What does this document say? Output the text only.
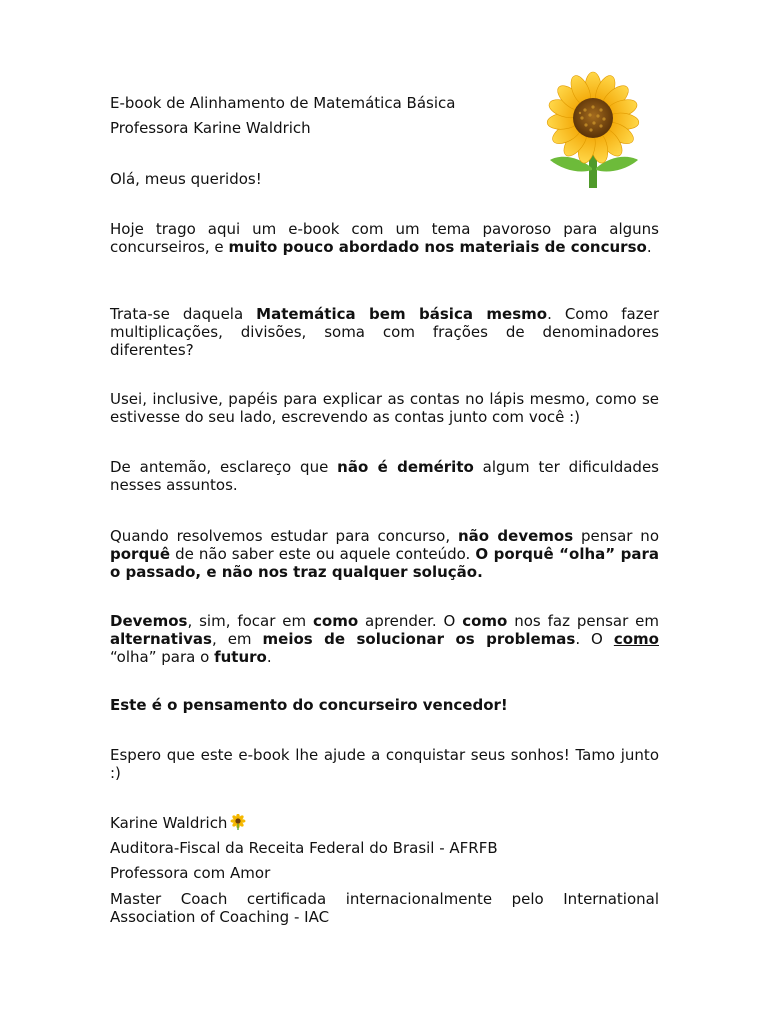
E-book de Alinhamento de Matemática Básica
Professora Karine Waldrich

Olá, meus queridos!

Hoje trago aqui um e-book com um tema pavoroso para alguns concurseiros, e muito pouco abordado nos materiais de concurso.

Trata-se daquela Matemática bem básica mesmo. Como fazer multiplicações, divisões, soma com frações de denominadores diferentes?

Usei, inclusive, papéis para explicar as contas no lápis mesmo, como se estivesse do seu lado, escrevendo as contas junto com você :)

De antemão, esclareço que não é demérito algum ter dificuldades nesses assuntos.

Quando resolvemos estudar para concurso, não devemos pensar no porquê de não saber este ou aquele conteúdo. O porquê “olha” para o passado, e não nos traz qualquer solução.

Devemos, sim, focar em como aprender. O como nos faz pensar em alternativas, em meios de solucionar os problemas. O como “olha” para o futuro.

Este é o pensamento do concurseiro vencedor!

Espero que este e-book lhe ajude a conquistar seus sonhos! Tamo junto :)

Karine Waldrich

Auditora-Fiscal da Receita Federal do Brasil - AFRFB

Professora com Amor

Master Coach certificada internacionalmente pelo International Association of Coaching - IAC
